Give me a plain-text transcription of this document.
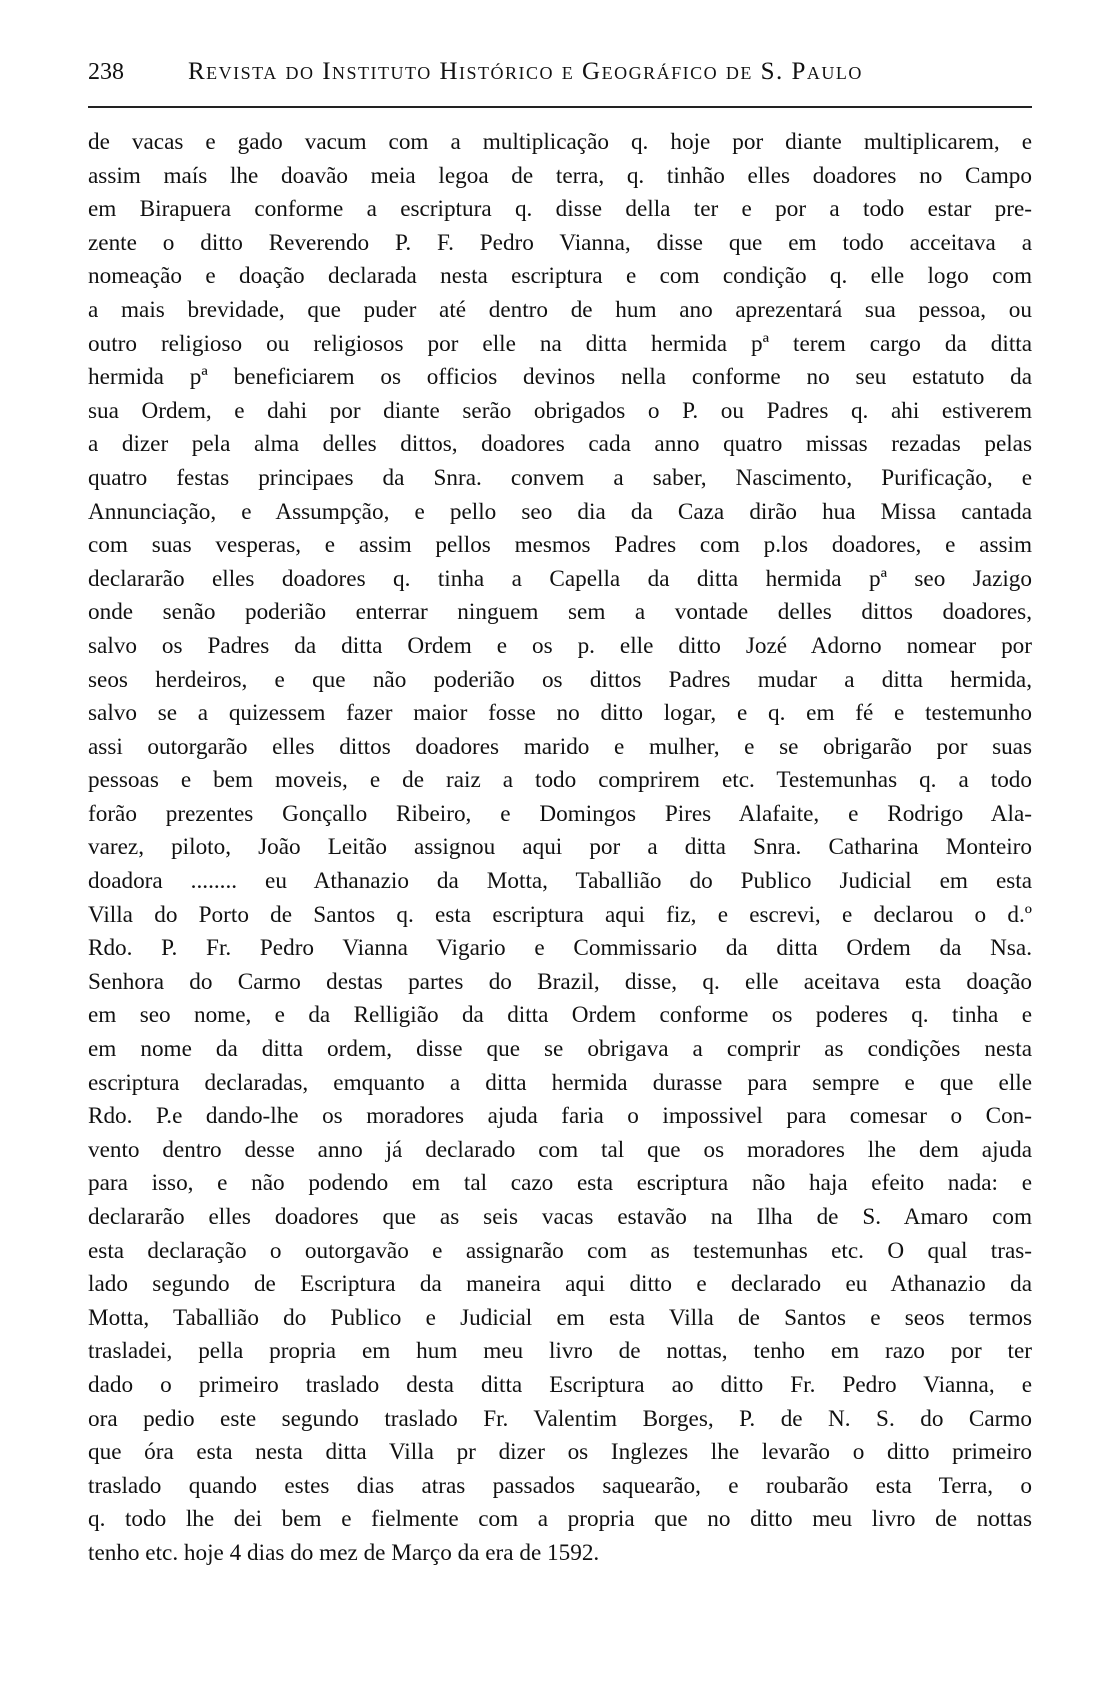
238	Revista do Instituto Histórico e Geográfico de S. Paulo
de vacas e gado vacum com a multiplicação q. hoje por diante multiplicarem, e
assim maís lhe doavão meia legoa de terra, q. tinhão elles doadores no Campo
em Birapuera conforme a escriptura q. disse della ter e por a todo estar pre-
zente o ditto Reverendo P. F. Pedro Vianna, disse que em todo acceitava a
nomeação e doação declarada nesta escriptura e com condição q. elle logo com
a mais brevidade, que puder até dentro de hum ano aprezentará sua pessoa, ou
outro religioso ou religiosos por elle na ditta hermida pª terem cargo da ditta
hermida pª beneficiarem os officios devinos nella conforme no seu estatuto da
sua Ordem, e dahi por diante serão obrigados o P. ou Padres q. ahi estiverem
a dizer pela alma delles dittos, doadores cada anno quatro missas rezadas pelas
quatro festas principaes da Snra. convem a saber, Nascimento, Purificação, e
Annunciação, e Assumpção, e pello seo dia da Caza dirão hua Missa cantada
com suas vesperas, e assim pellos mesmos Padres com p.los doadores, e assim
declararão elles doadores q. tinha a Capella da ditta hermida pª seo Jazigo
onde senão poderião enterrar ninguem sem a vontade delles dittos doadores,
salvo os Padres da ditta Ordem e os p. elle ditto Jozé Adorno nomear por
seos herdeiros, e que não poderião os dittos Padres mudar a ditta hermida,
salvo se a quizessem fazer maior fosse no ditto logar, e q. em fé e testemunho
assi outorgarão elles dittos doadores marido e mulher, e se obrigarão por suas
pessoas e bem moveis, e de raiz a todo comprirem etc. Testemunhas q. a todo
forão prezentes Gonçallo Ribeiro, e Domingos Pires Alafaite, e Rodrigo Ala-
varez, piloto, João Leitão assignou aqui por a ditta Snra. Catharina Monteiro
doadora ........ eu Athanazio da Motta, Taballião do Publico Judicial em esta
Villa do Porto de Santos q. esta escriptura aqui fiz, e escrevi, e declarou o d.º
Rdo. P. Fr. Pedro Vianna Vigario e Commissario da ditta Ordem da Nsa.
Senhora do Carmo destas partes do Brazil, disse, q. elle aceitava esta doação
em seo nome, e da Relligião da ditta Ordem conforme os poderes q. tinha e
em nome da ditta ordem, disse que se obrigava a comprir as condições nesta
escriptura declaradas, emquanto a ditta hermida durasse para sempre e que elle
Rdo. P.e dando-lhe os moradores ajuda faria o impossivel para comesar o Con-
vento dentro desse anno já declarado com tal que os moradores lhe dem ajuda
para isso, e não podendo em tal cazo esta escriptura não haja efeito nada: e
declararão elles doadores que as seis vacas estavão na Ilha de S. Amaro com
esta declaração o outorgavão e assignarão com as testemunhas etc. O qual tras-
lado segundo de Escriptura da maneira aqui ditto e declarado eu Athanazio da
Motta, Taballião do Publico e Judicial em esta Villa de Santos e seos termos
trasladei, pella propria em hum meu livro de nottas, tenho em razo por ter
dado o primeiro traslado desta ditta Escriptura ao ditto Fr. Pedro Vianna, e
ora pedio este segundo traslado Fr. Valentim Borges, P. de N. S. do Carmo
que óra esta nesta ditta Villa pr dizer os Inglezes lhe levarão o ditto primeiro
traslado quando estes dias atras passados saquearão, e roubarão esta Terra, o
q. todo lhe dei bem e fielmente com a propria que no ditto meu livro de nottas
tenho etc. hoje 4 dias do mez de Março da era de 1592.
